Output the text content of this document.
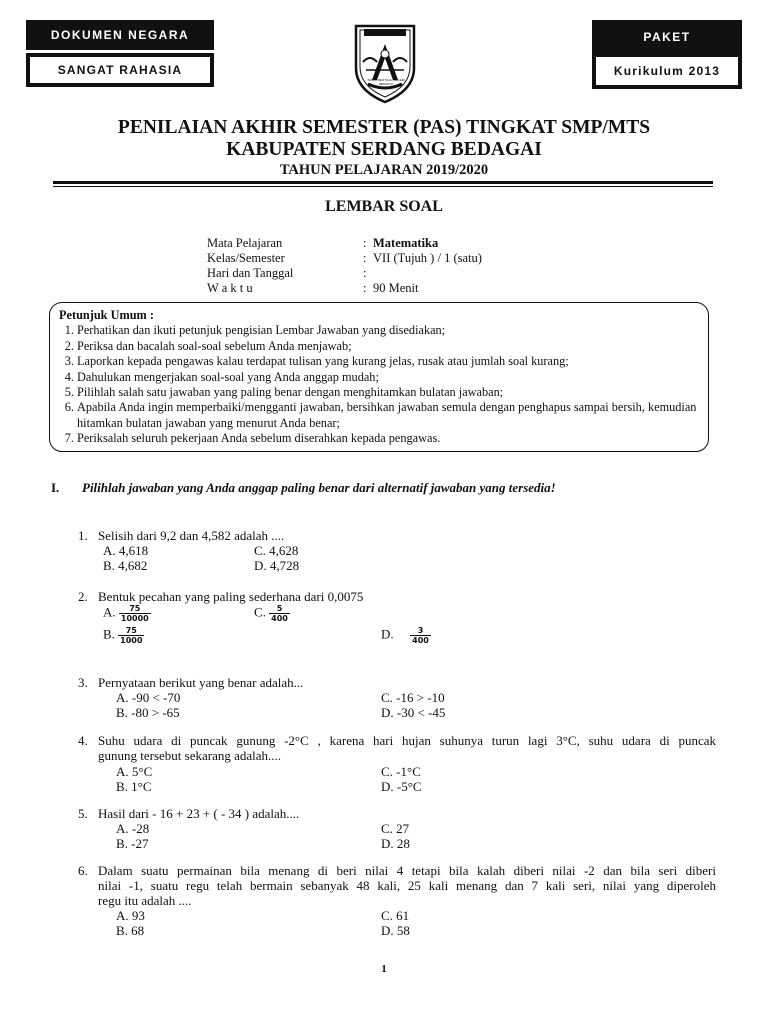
DOKUMEN NEGARA
SANGAT RAHASIA
PAKET
Kurikulum 2013
SERDANG BEDAGAI
TANAH BERTUAH NEGERI BERADAT
PENILAIAN AKHIR SEMESTER (PAS) TINGKAT SMP/MTS
KABUPATEN SERDANG BEDAGAI
TAHUN PELAJARAN 2019/2020
LEMBAR SOAL
Mata Pelajaran	: Matematika
Kelas/Semester	: VII (Tujuh ) / 1 (satu)
Hari dan Tanggal	:
W a k t u	: 90 Menit
Petunjuk Umum :
1. Perhatikan dan ikuti petunjuk pengisian Lembar Jawaban yang disediakan;
2. Periksa dan bacalah soal-soal sebelum Anda menjawab;
3. Laporkan kepada pengawas kalau terdapat tulisan yang kurang jelas, rusak atau jumlah soal kurang;
4. Dahulukan mengerjakan soal-soal yang Anda anggap mudah;
5. Pilihlah salah satu jawaban yang paling benar dengan menghitamkan bulatan jawaban;
6. Apabila Anda ingin memperbaiki/mengganti jawaban, bersihkan jawaban semula dengan penghapus sampai bersih, kemudian hitamkan bulatan jawaban yang menurut Anda benar;
7. Periksalah seluruh pekerjaan Anda sebelum diserahkan kepada pengawas.
I. Pilihlah jawaban yang Anda anggap paling benar dari alternatif jawaban yang tersedia!
1. Selisih dari 9,2 dan 4,582 adalah ....
A. 4,618	C. 4,628
B. 4,682	D. 4,728
2. Bentuk pecahan yang paling sederhana dari 0,0075
A. $\frac{75}{10000}$	C. $\frac{5}{400}$
B. $\frac{75}{1000}$	D. $\frac{3}{400}$
3. Pernyataan berikut yang benar adalah...
A. -90 < -70	C. -16 > -10
B. -80 > -65	D. -30 < -45
4. Suhu udara di puncak gunung -2°C , karena hari hujan suhunya turun lagi 3°C, suhu udara di puncak
gunung tersebut sekarang adalah....
A. 5°C	C. -1°C
B. 1°C	D. -5°C
5. Hasil dari - 16 + 23 + ( - 34 ) adalah....
A. -28	C. 27
B. -27	D. 28
6. Dalam suatu permainan bila menang di beri nilai 4 tetapi bila kalah diberi nilai -2 dan bila seri diberi
nilai -1, suatu regu telah bermain sebanyak 48 kali, 25 kali menang dan 7 kali seri, nilai yang diperoleh
regu itu adalah ....
A. 93	C. 61
B. 68	D. 58
1
